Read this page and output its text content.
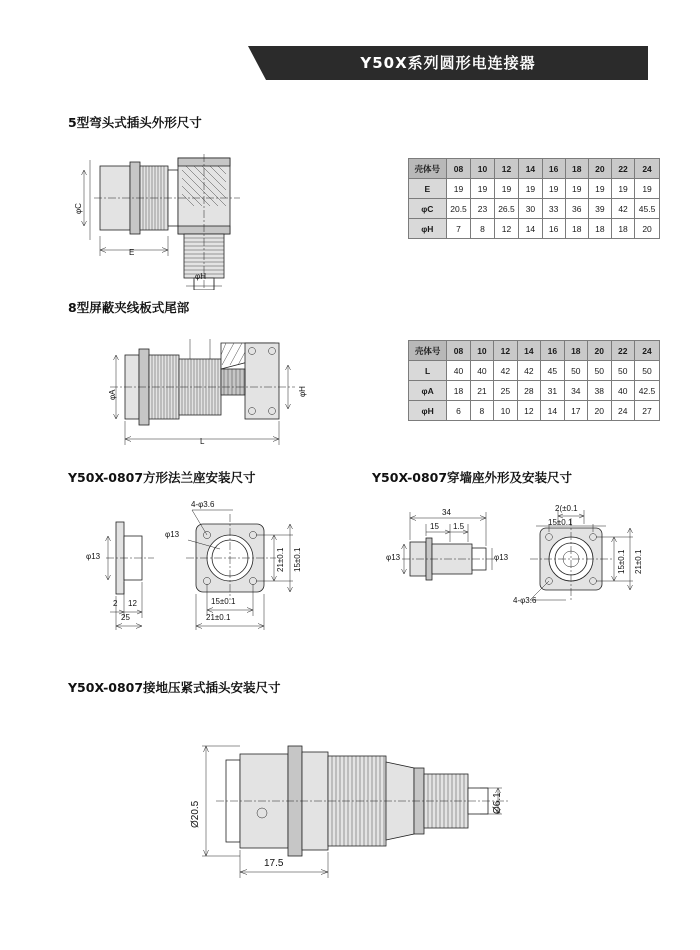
Y50X系列圆形电连接器
5型弯头式插头外形尺寸
8型屏蔽夹线板式尾部
Y50X-0807方形法兰座安装尺寸	Y50X-0807穿墙座外形及安装尺寸
Y50X-0807接地压紧式插头安装尺寸
壳体号	08	10	12	14	16	18	20	22	24
E	19	19	19	19	19	19	19	19	19
φC	20.5	23	26.5	30	33	36	39	42	45.5
φH	7	8	12	14	16	18	18	18	20
壳体号	08	10	12	14	16	18	20	22	24
L	40	40	42	42	45	50	50	50	50
φA	18	21	25	28	31	34	38	40	42.5
φH	6	8	10	12	14	17	20	24	27
φC
E
φH
φA	φH
L
φ13
2 12
25
4-φ3.6
φ13
21±0.1 15±0.1
15±0.1
21±0.1
34
15 1.5
φ13	φ13
2(±0.1
15±0.1
15±0.1 21±0.1
4-φ3.6
Ø20.5	Ø6.1
17.5
